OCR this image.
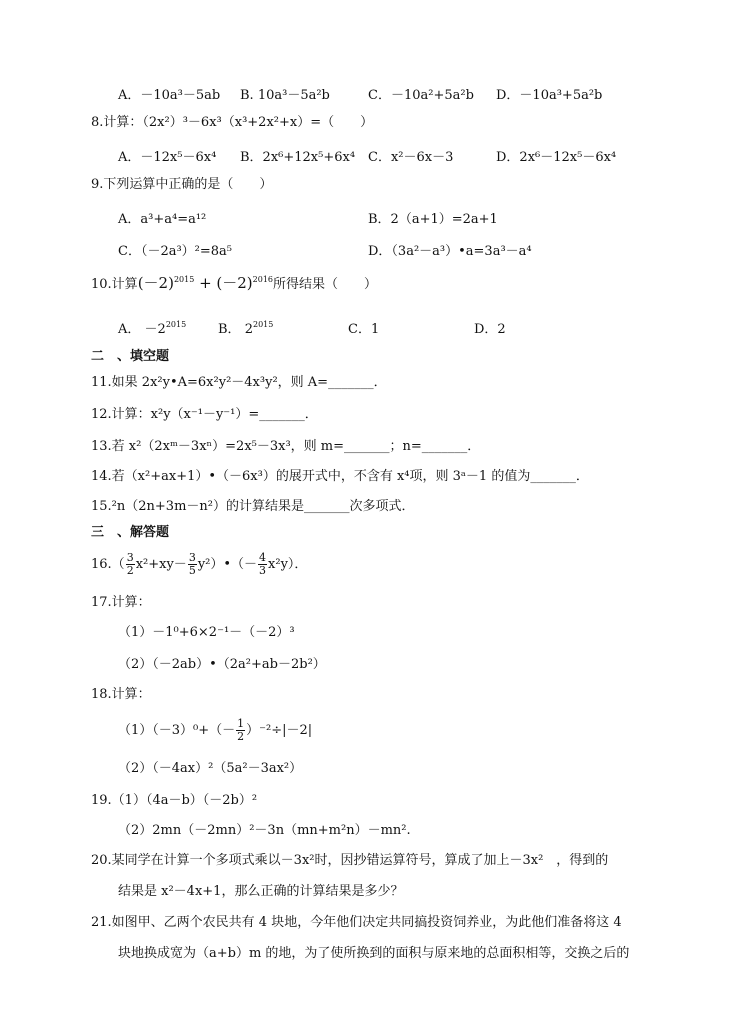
A．－10a³－5ab B. 10a³－5a²b	C．－10a²+5a²b D．－10a³+5a²b
8.计算：（2x²）³－6x³（x³+2x²+x）=（　　）
A．－12x⁵－6x⁴ B．2x⁶+12x⁵+6x⁴ C．x²－6x－3	D．2x⁶－12x⁵－6x⁴
9.下列运算中正确的是（　　）
A．a³+a⁴=a¹²	B．2（a+1）=2a+1
C．（－2a³）²=8a⁵	D．（3a²－a³）•a=3a³－a⁴
10.计算$(-2)^{2015} + (-2)^{2016}$所得结果（　　）
A． $-2^{2015}$ B． $2^{2015}$	C．1	D．2
二　、填空题
11.如果 2x²y•A=6x²y²－4x³y²，则 A=_______．
12.计算：x²y（x⁻¹－y⁻¹）=_______．
13.若 x²（2xᵐ－3xⁿ）=2x⁵－3x³，则 m=_______；n=_______．
14.若（x²+ax+1）•（－6x³）的展开式中，不含有 x⁴项，则 3ᵃ－1 的值为_______．
15.²n（2n+3m－n²）的计算结果是_______次多项式．
三　、解答题
$16.( \frac{3}{2} x^2+xy- \frac{3}{5}$ y²）•（－ $\frac{4}{3} x^2y$）．
17.计算：
（1）－1⁰+6×2⁻¹－（－2）³
（2）（－2ab）•（2a²+ab－2b²）
18.计算：
$(1)(-3)^0+(- \frac{1}{2} )^{-2}\div|-2|$
（2）（－4ax）²（5a²－3ax²）
19.（1）（4a－b）（－2b）²
（2）2mn（－2mn）²－3n（mn+m²n）－mn².
20.某同学在计算一个多项式乘以－3x²时，因抄错运算符号，算成了加上－3x²　，得到的
结果是 x²－4x+1，那么正确的计算结果是多少？
21.如图甲、乙两个农民共有 4 块地，今年他们决定共同搞投资饲养业，为此他们准备将这 4
块地换成宽为（a+b）m 的地，为了使所换到的面积与原来地的总面积相等，交换之后的
